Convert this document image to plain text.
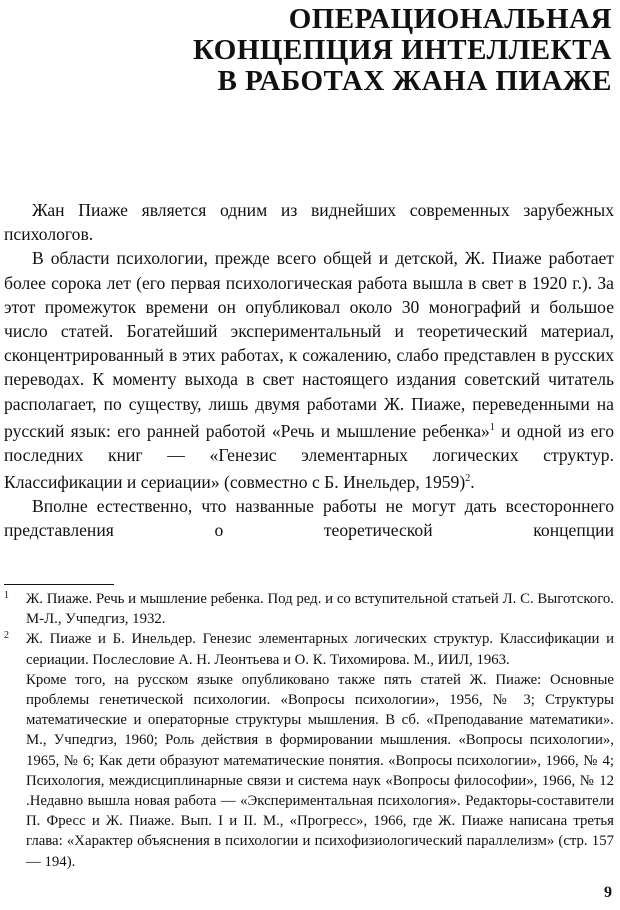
ОПЕРАЦИОНАЛЬНАЯ
КОНЦЕПЦИЯ ИНТЕЛЛЕКТА
В РАБОТАХ ЖАНА ПИАЖЕ

Жан Пиаже является одним из виднейших современных зарубежных психологов.

В области психологии, прежде всего общей и детской, Ж. Пиаже работает более сорока лет (его первая психологическая работа вышла в свет в 1920 г.). За этот промежуток времени он опубликовал около 30 монографий и большое число статей. Богатейший экспериментальный и теоретический материал, сконцентрированный в этих работах, к сожалению, слабо представлен в русских переводах. К моменту выхода в свет настоящего издания советский читатель располагает, по существу, лишь двумя работами Ж. Пиаже, переведенными на русский язык: его ранней работой «Речь и мышление ребенка»$^1$ и одной из его последних книг — «Генезис элементарных логических структур. Классификации и сериации» (совместно с Б. Инельдер, 1959)$^2$.

Вполне естественно, что названные работы не могут дать всестороннего представления о теоретической концепции

1	Ж. Пиаже. Речь и мышление ребенка. Под ред. и со вступительной статьей Л. С. Выготского. М-Л., Учпедгиз, 1932.
2	Ж. Пиаже и Б. Инельдер. Генезис элементарных логических структур. Классификации и сериации. Послесловие А. Н. Леонтьева и О. К. Тихомирова. М., ИИЛ, 1963.
Кроме того, на русском языке опубликовано также пять статей Ж. Пиаже: Основные проблемы генетической психологии. «Вопросы психологии», 1956, № 3; Структуры математические и операторные структуры мышления. В сб. «Преподавание математики». М., Учпедгиз, 1960; Роль действия в формировании мышления. «Вопросы психологии», 1965, № 6; Как дети образуют математические понятия. «Вопросы психологии», 1966, № 4; Психология, междисциплинарные связи и система наук «Вопросы философии», 1966, № 12 .Недавно вышла новая работа — «Экспериментальная психология». Редакторы-составители П. Фресс и Ж. Пиаже. Вып. I и II. М., «Прогресс», 1966, где Ж. Пиаже написана третья глава: «Характер объяснения в психологии и психофизиологический параллелизм» (стр. 157 — 194).
9
